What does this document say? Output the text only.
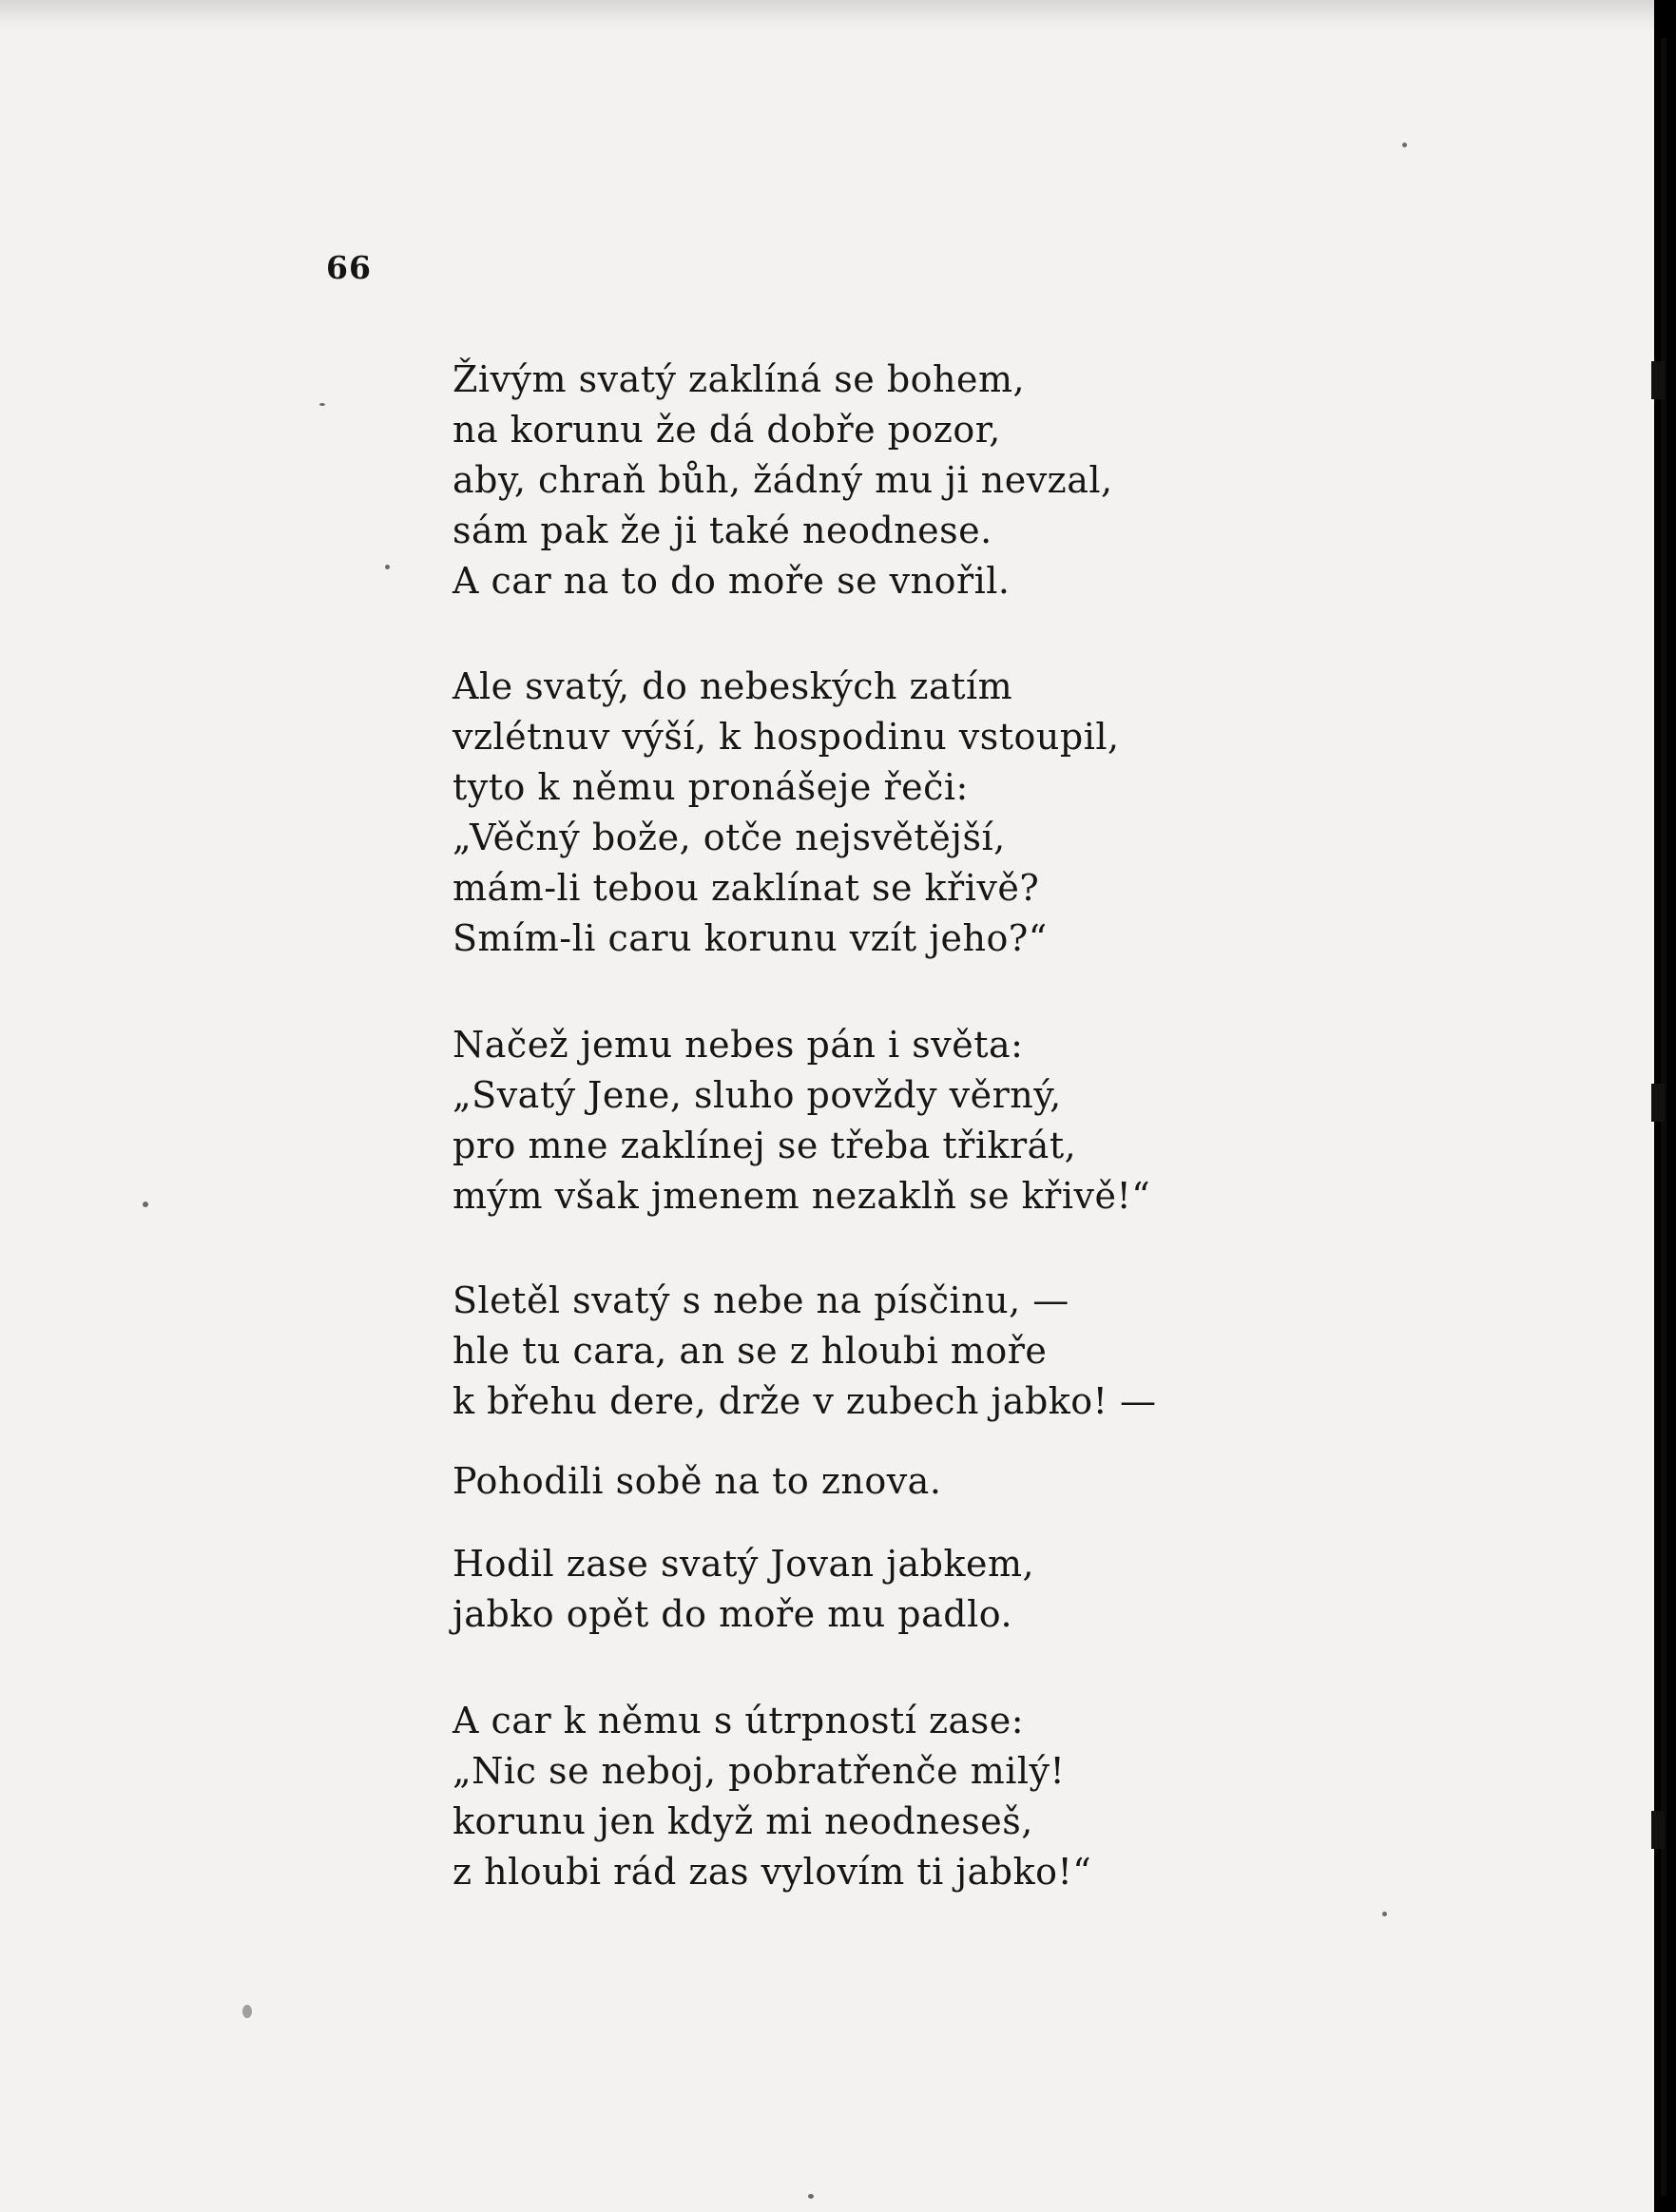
66
Živým svatý zaklíná se bohem,
na korunu že dá dobře pozor,
aby, chraň bůh, žádný mu ji nevzal,
sám pak že ji také neodnese.
A car na to do moře se vnořil.
Ale svatý, do nebeských zatím
vzlétnuv výší, k hospodinu vstoupil,
tyto k němu pronášeje řeči:
„Věčný bože, otče nejsvětější,
mám-li tebou zaklínat se křivě?
Smím-li caru korunu vzít jeho?“
Načež jemu nebes pán i světa:
„Svatý Jene, sluho povždy věrný,
pro mne zaklínej se třeba třikrát,
mým však jmenem nezaklň se křivě!“
Sletěl svatý s nebe na písčinu, —
hle tu cara, an se z hloubi moře
k břehu dere, drže v zubech jabko! —
Pohodili sobě na to znova.
Hodil zase svatý Jovan jabkem,
jabko opět do moře mu padlo.
A car k němu s útrpností zase:
„Nic se neboj, pobratřenče milý!
korunu jen když mi neodneseš,
z hloubi rád zas vylovím ti jabko!“
